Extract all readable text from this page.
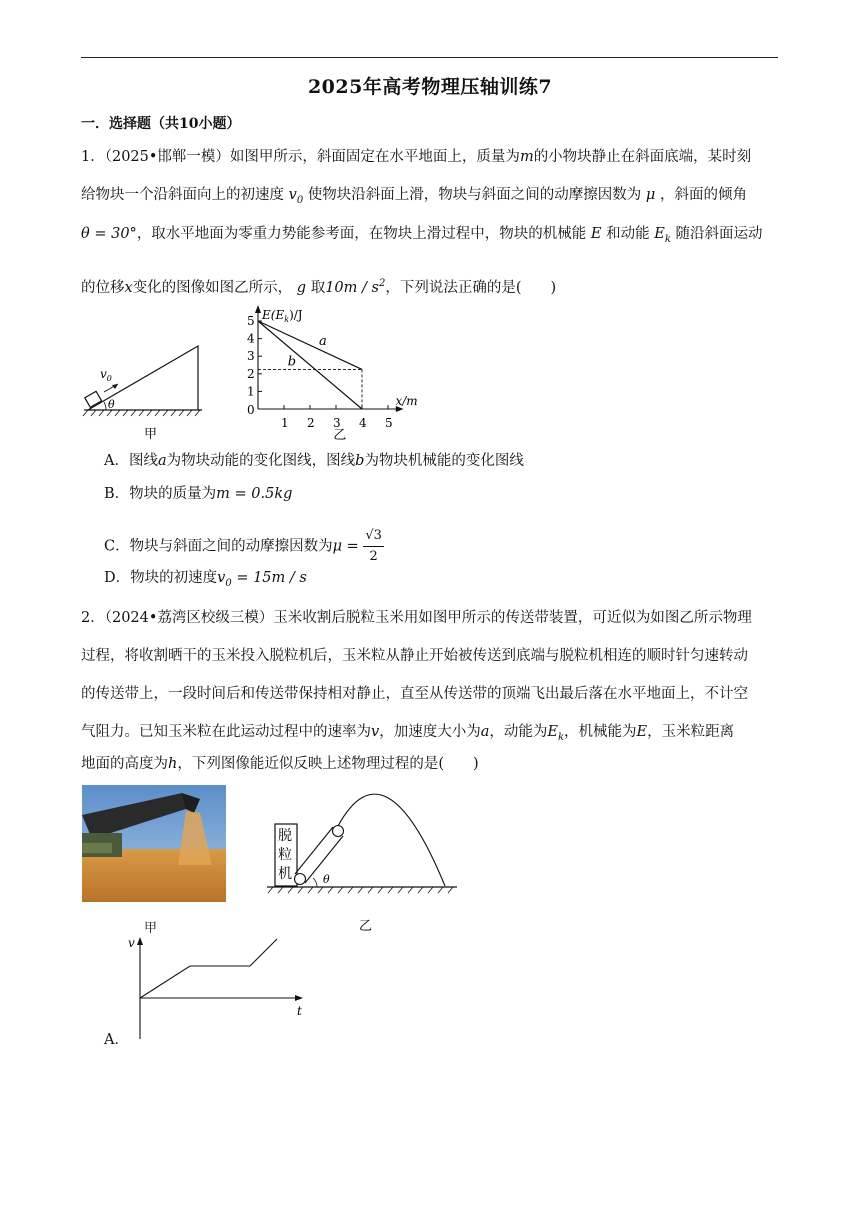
2025年高考物理压轴训练7
一．选择题（共10小题）
1．（2025•邯郸一模）如图甲所示，斜面固定在水平地面上，质量为m的小物块静止在斜面底端，某时刻
给物块一个沿斜面向上的初速度 $v_0$ 使物块沿斜面上滑，物块与斜面之间的动摩擦因数为 μ ，斜面的倾角
θ = 30°，取水平地面为零重力势能参考面，在物块上滑过程中，物块的机械能 E 和动能 $E_k$ 随沿斜面运动
的位移x变化的图像如图乙所示， g 取$10m / s^2$，下列说法正确的是(　　)
$v_0$
θ
甲
$E(E_k)/J$
x/m
0
1 2 3 4 5
1
2
3
4
5
a
b
乙
A．图线a为物块动能的变化图线，图线b为物块机械能的变化图线
B．物块的质量为m = 0.5kg
C．物块与斜面之间的动摩擦因数为$\mu = \frac{√3}{2}$
D．物块的初速度$v_0 = 15m / s$
2．（2024•荔湾区校级三模）玉米收割后脱粒玉米用如图甲所示的传送带装置，可近似为如图乙所示物理
过程，将收割晒干的玉米投入脱粒机后，玉米粒从静止开始被传送到底端与脱粒机相连的顺时针匀速转动
的传送带上，一段时间后和传送带保持相对静止，直至从传送带的顶端飞出最后落在水平地面上，不计空
气阻力。已知玉米粒在此运动过程中的速率为v，加速度大小为a，动能为$E_k$，机械能为E，玉米粒距离
地面的高度为h，下列图像能近似反映上述物理过程的是(　　)
脱
粒
机	θ
乙
甲
v
t
A．
